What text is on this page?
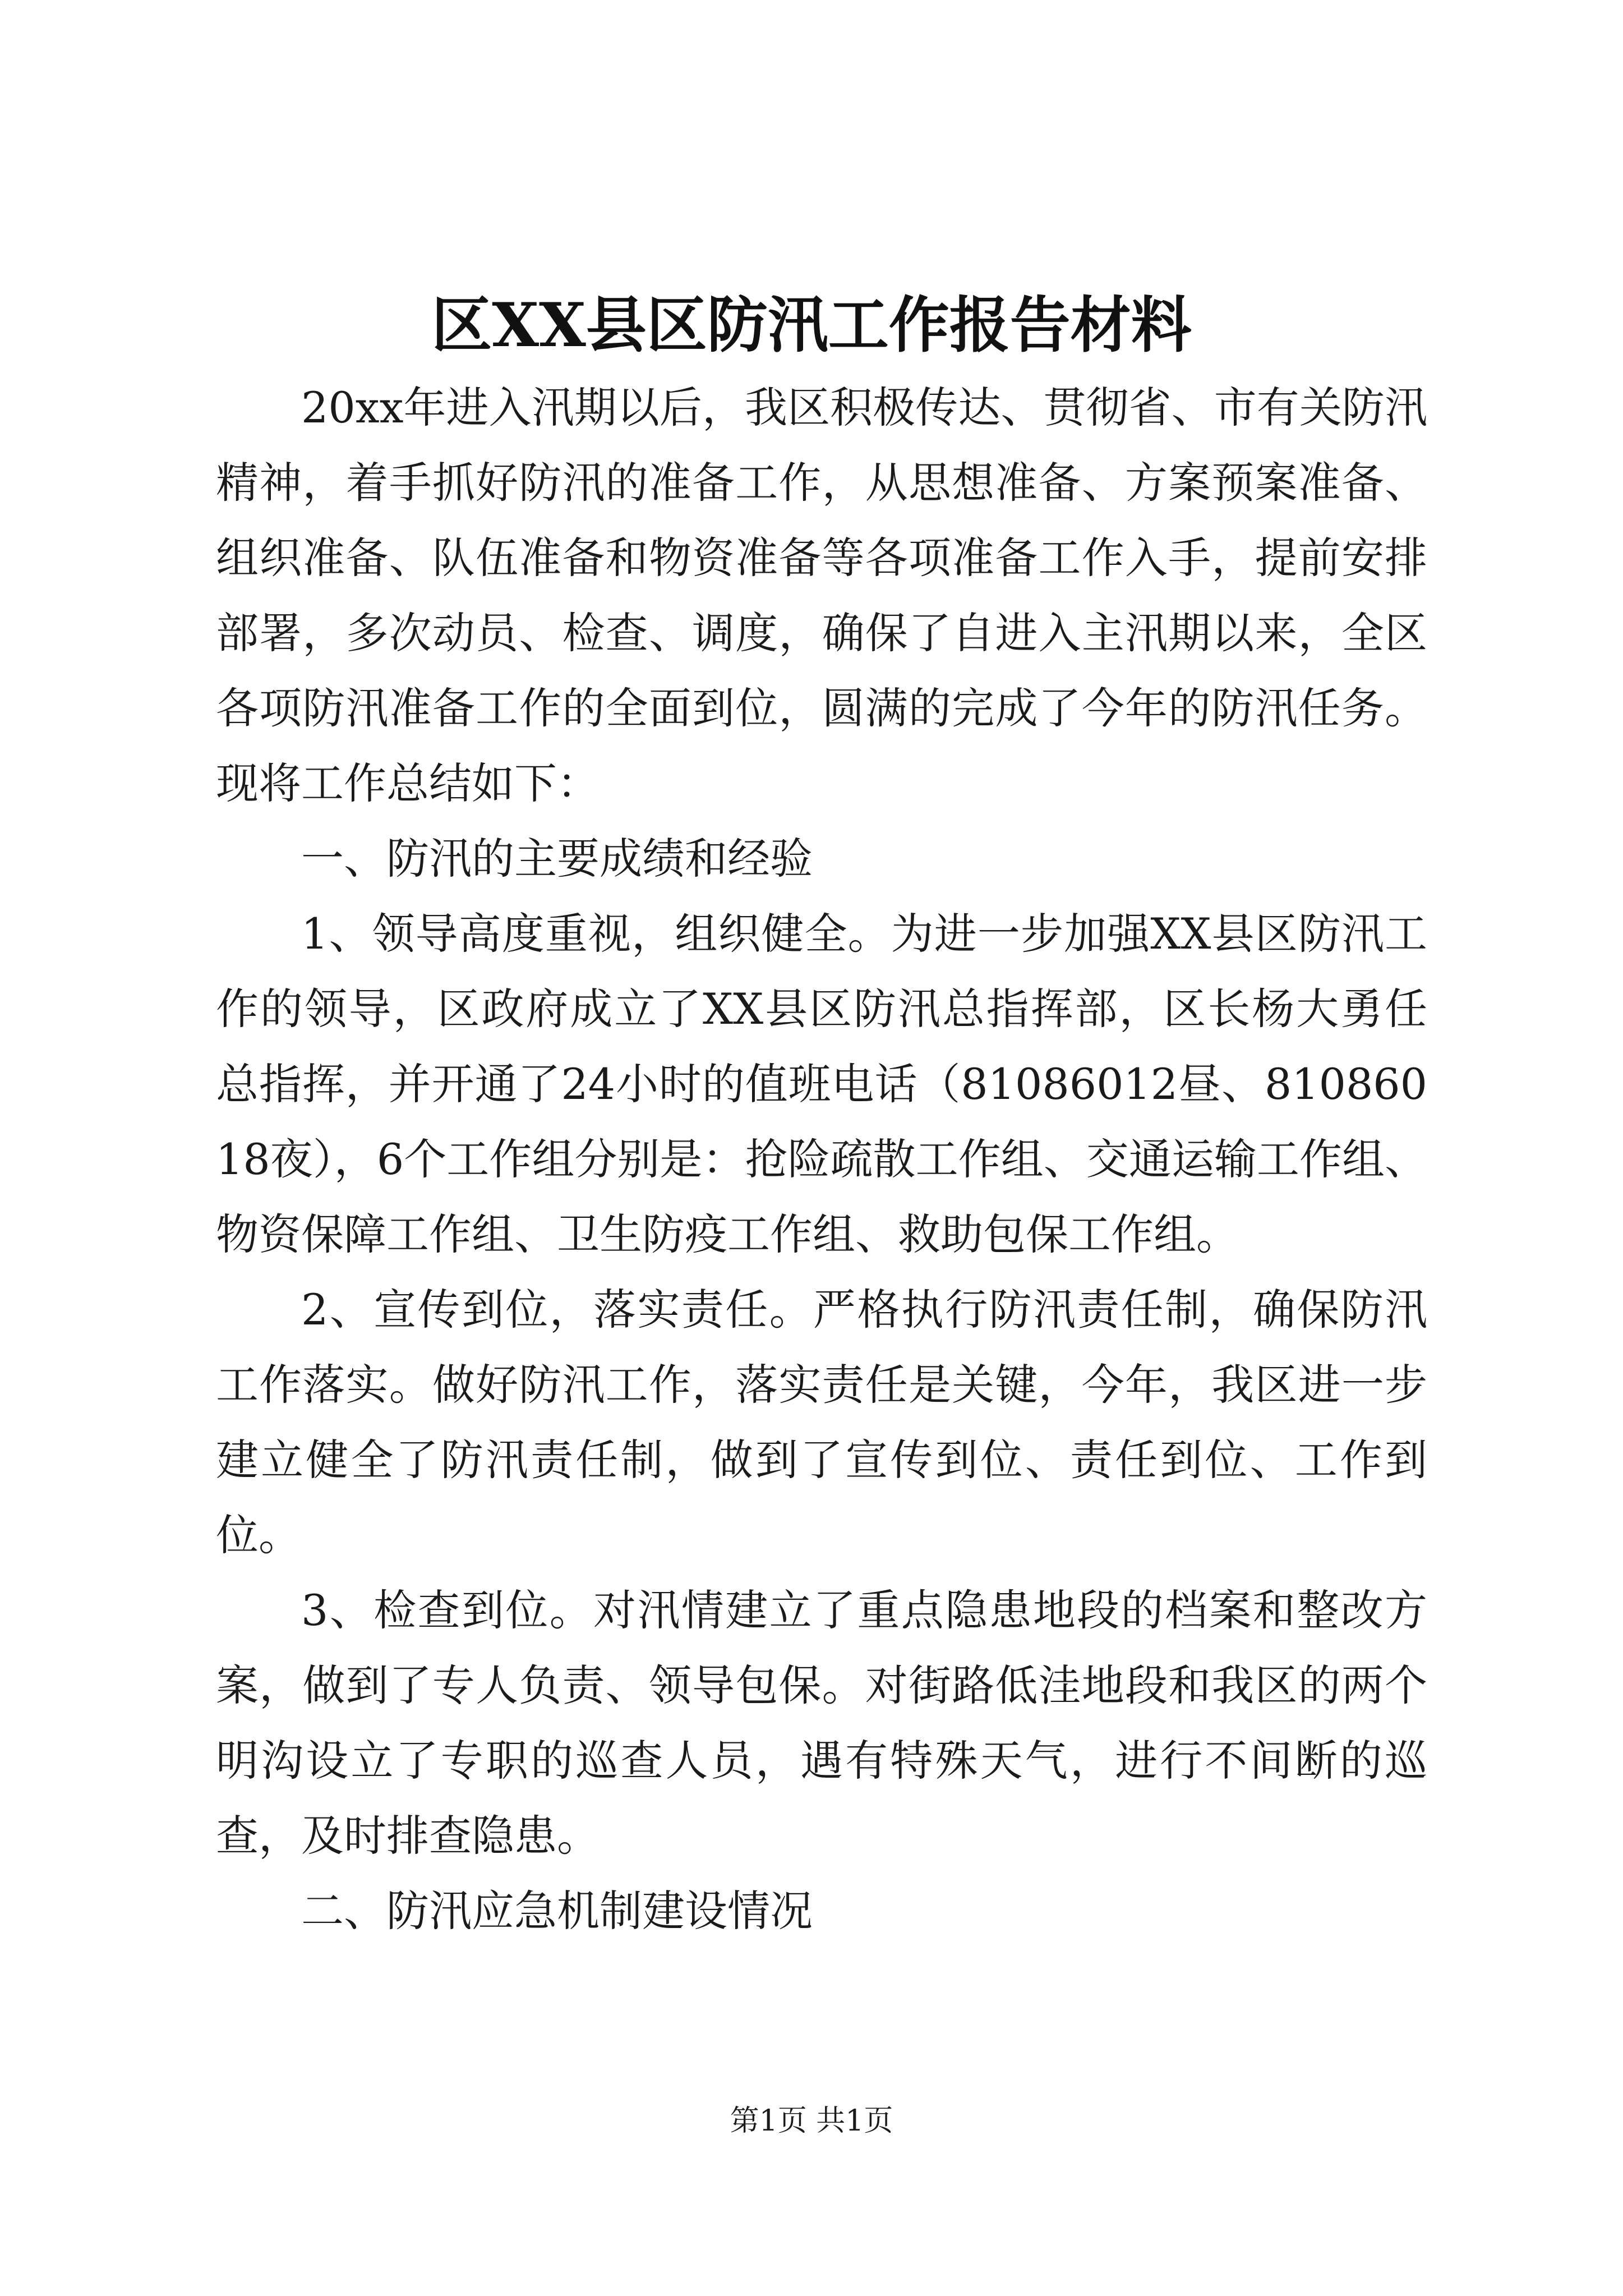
区XX县区防汛工作报告材料

20xx年进入汛期以后，我区积极传达、贯彻省、市有关防汛精神，着手抓好防汛的准备工作，从思想准备、方案预案准备、组织准备、队伍准备和物资准备等各项准备工作入手，提前安排部署，多次动员、检查、调度，确保了自进入主汛期以来，全区各项防汛准备工作的全面到位，圆满的完成了今年的防汛任务。现将工作总结如下：

一、防汛的主要成绩和经验

1、领导高度重视，组织健全。为进一步加强XX县区防汛工作的领导，区政府成立了XX县区防汛总指挥部，区长杨大勇任总指挥，并开通了24小时的值班电话（81086012昼、81086018夜），6个工作组分别是：抢险疏散工作组、交通运输工作组、物资保障工作组、卫生防疫工作组、救助包保工作组。

2、宣传到位，落实责任。严格执行防汛责任制，确保防汛工作落实。做好防汛工作，落实责任是关键，今年，我区进一步建立健全了防汛责任制，做到了宣传到位、责任到位、工作到位。

3、检查到位。对汛情建立了重点隐患地段的档案和整改方案，做到了专人负责、领导包保。对街路低洼地段和我区的两个明沟设立了专职的巡查人员，遇有特殊天气，进行不间断的巡查，及时排查隐患。

二、防汛应急机制建设情况

第1页 共1页
